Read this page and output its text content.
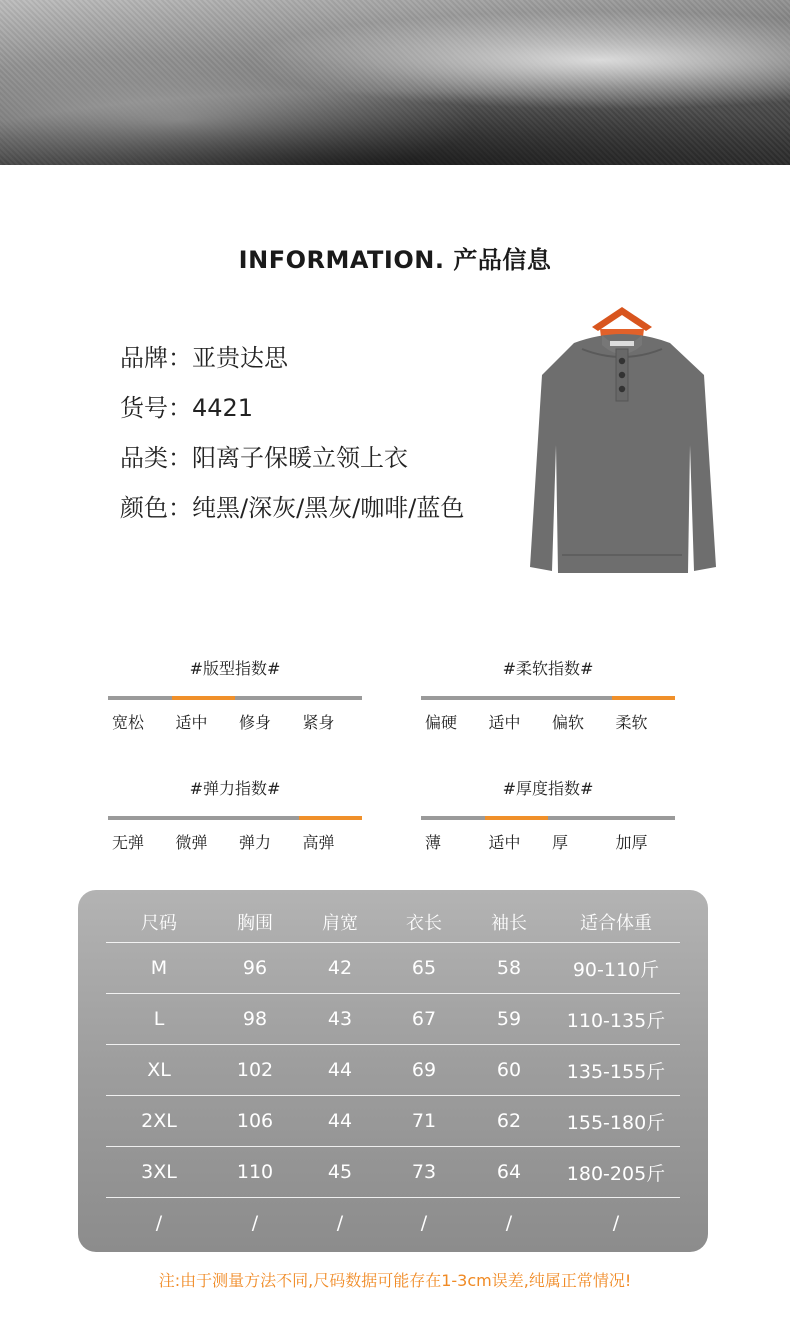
INFORMATION. 产品信息
品牌：亚贵达思
货号：4421
品类：阳离子保暖立领上衣
颜色：纯黑/深灰/黑灰/咖啡/蓝色
#版型指数#
宽松	适中	修身	紧身
#柔软指数#
偏硬	适中	偏软	柔软
#弹力指数#
无弹	微弹	弹力	高弹
#厚度指数#
薄	适中	厚	加厚
尺码	胸围	肩宽	衣长	袖长	适合体重
M	96	42	65	58	90-110斤
L	98	43	67	59	110-135斤
XL	102	44	69	60	135-155斤
2XL	106	44	71	62	155-180斤
3XL	110	45	73	64	180-205斤
/	/	/	/	/	/
注:由于测量方法不同,尺码数据可能存在1-3cm误差,纯属正常情况!
